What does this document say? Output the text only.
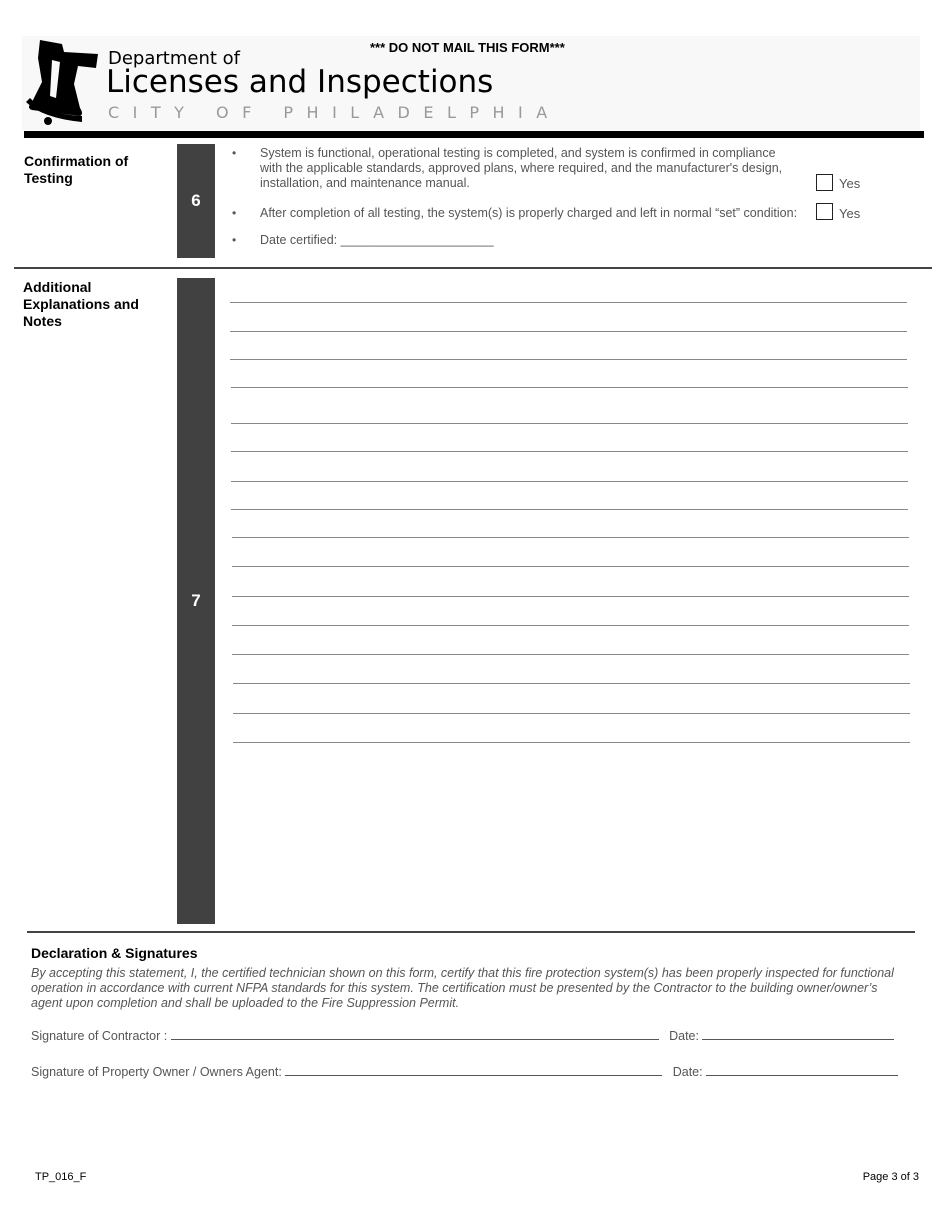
Department of
Licenses and Inspections
CITY OF PHILADELPHIA
*** DO NOT MAIL THIS FORM***
Confirmation of Testing
6
• System is functional, operational testing is completed, and system is confirmed in compliance with the applicable standards, approved plans, where required, and the manufacturer's design, installation, and maintenance manual.	Yes
• After completion of all testing, the system(s) is properly charged and left in normal “set” condition:	Yes
• Date certified: ______________________
Additional Explanations and Notes
7
Declaration & Signatures
By accepting this statement, I, the certified technician shown on this form, certify that this fire protection system(s) has been properly inspected for functional operation in accordance with current NFPA standards for this system. The certification must be presented by the Contractor to the building owner/owner’s agent upon completion and shall be uploaded to the Fire Suppression Permit.
Signature of Contractor :	Date:
Signature of Property Owner / Owners Agent:	Date:
TP_016_F	Page 3 of 3
